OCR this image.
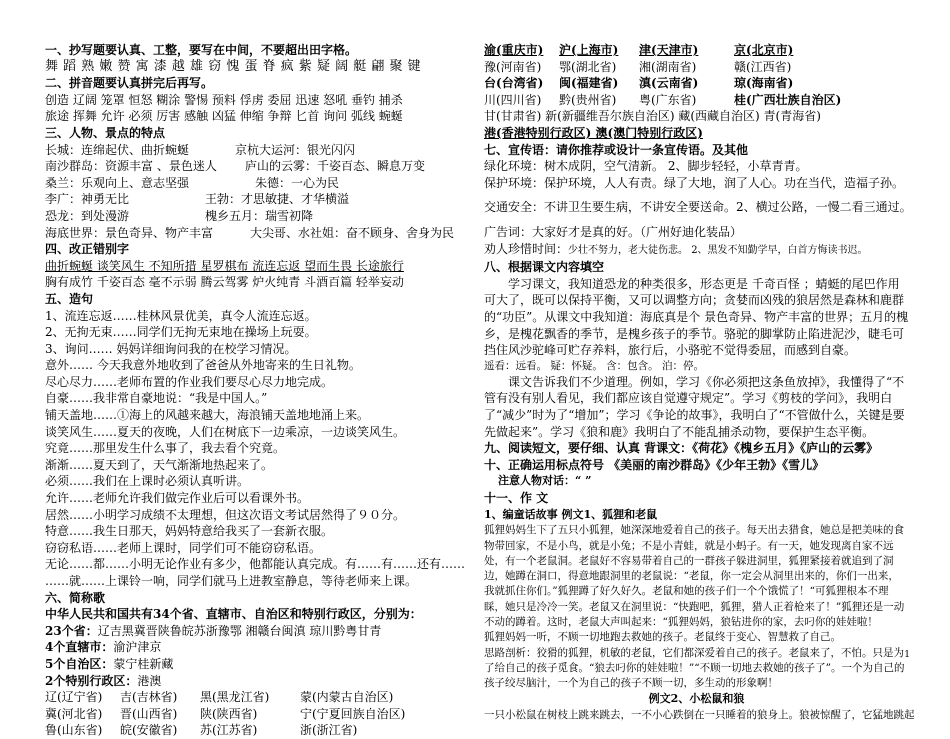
一、抄写题要认真、工整，要写在中间，不要超出田字格。
舞 蹈 熟 嫩 赞 寓 漆 越 雄 窃 愧 蛋 脊 疯 紫 疑 阔 艇 翩 聚 键
二、拼音题要认真拼完后再写。
创造 辽阔 笼罩 恒怒 糊涂 警惕 预料 俘虏 委屈 迅速 怒吼 垂钓 捕杀
旅途 挥舞 允许 必须 厉害 感触 凶猛 伸缩 争辩 匕首 询问 弧线 蜿蜒
三、人物、景点的特点
长城：连绵起伏、曲折蜿蜒	京杭大运河：银光闪闪
南沙群岛：资源丰富 、景色迷人 庐山的云雾：千姿百态、瞬息万变
桑兰：乐观向上、意志坚强	朱德：一心为民
李广：神勇无比	王勃：才思敏捷、才华横溢
恐龙：到处漫游	槐乡五月：瑞雪初降
海底世界：景色奇异、物产丰富	大尖哥、水社姐：奋不顾身、舍身为民
四、改正错别字
曲折蜿蜒 谈笑风生 不知所措 星罗棋布 流连忘返 望而生畏 长途旅行
胸有成竹 千姿百态 毫不示弱 腾云驾雾 炉火纯青 斗酒百篇 轻举妄动
五、造句
1、流连忘返……桂林风景优美，真令人流连忘返。
2、无拘无束……同学们无拘无束地在操场上玩耍。
3、询问…… 妈妈详细询问我的在校学习情况。
意外…… 今天我意外地收到了爸爸从外地寄来的生日礼物。
尽心尽力……老师布置的作业我们要尽心尽力地完成。
自豪……我非常自豪地说：“我是中国人。”
铺天盖地……①海上的风越来越大，海浪铺天盖地地涌上来。
谈笑风生……夏天的夜晚，人们在树底下一边乘凉，一边谈笑风生。
究竟……那里发生什么事了，我去看个究竟。
渐渐……夏天到了，天气渐渐地热起来了。
必须……我们在上课时必须认真听讲。
允许……老师允许我们做完作业后可以看课外书。
居然……小明学习成绩不太理想，但这次语文考试居然得了９０分。
特意……我生日那天，妈妈特意给我买了一套新衣服。
窃窃私语……老师上课时，同学们可不能窃窃私语。
无论……都……小明无论作业有多少，他都能认真完成。有……有……还有……
……就……上课铃一响，同学们就马上进教室静息，等待老师来上课。
六、简称歌
中华人民共和国共有34个省、直辖市、自治区和特别行政区，分别为：
23个省：辽吉黑冀晋陕鲁皖苏浙豫鄂 湘赣台闽滇 琼川黔粤甘青
4个直辖市：渝沪津京
5个自治区：蒙宁桂新藏
2个特别行政区：港澳
辽(辽宁省) 吉(吉林省) 黑(黑龙江省)	蒙(内蒙古自治区)
冀(河北省) 晋(山西省) 陕(陕西省)	宁(宁夏回族自治区)
鲁(山东省) 皖(安徽省) 苏(江苏省)	浙(浙江省)
渝(重庆市) 沪(上海市) 津(天津市)	京(北京市)
豫(河南省) 鄂(湖北省) 湘(湖南省)	赣(江西省)
台(台湾省) 闽(福建省) 滇(云南省)	琼(海南省)
川(四川省) 黔(贵州省) 粤(广东省)	桂(广西壮族自治区)
甘(甘肃省) 新(新疆维吾尔族自治区) 藏(西藏自治区) 青(青海省)
港(香港特别行政区) 澳(澳门特别行政区)
七、宣传语：请你推荐或设计一条宣传语。及其他
绿化环境：树木成阴，空气清新。 2、脚步轻轻，小草青青。
保护环境：保护环境，人人有责。绿了大地，润了人心。功在当代，造福子孙。
交通安全：不讲卫生要生病，不讲安全要送命。2、横过公路，一慢二看三通过。
广告词：大家好才是真的好。（广州好迪化装品）
劝人珍惜时间：少壮不努力，老大徒伤悲。 2、黑发不知勤学早，白首方悔读书迟。
八、根据课文内容填空
学习课文，我知道恐龙的种类很多，形态更是 千奇百怪 ；蜻蜓的尾巴作用可大了，既可以保持平衡，又可以调整方向；贪婪而凶残的狼居然是森林和鹿群的“功臣”。从课文中我知道：海底真是个 景色奇异、物产丰富的世界；五月的槐乡，是槐花飘香的季节，是槐乡孩子的季节。骆驼的脚掌防止陷进泥沙，睫毛可挡住风沙驼峰可贮存养料，旅行后，小骆驼不觉得委屈，而感到自豪。
遥看：远看。 疑：怀疑。 含：包含。 泊：停。
课文告诉我们不少道理。例如，学习《你必须把这条鱼放掉》，我懂得了“不管有没有别人看见，我们都应该自觉遵守规定”。学习《剪枝的学问》，我明白了“减少”时为了“增加”；学习《争论的故事》，我明白了“不管做什么，关键是要先做起来”。学习《狼和鹿》我明白了不能乱捕杀动物，要保护生态平衡。
九、阅读短文，要仔细、认真 背课文：《荷花》《槐乡五月》《庐山的云雾》
十、正确运用标点符号 《美丽的南沙群岛》《少年王勃》《雪儿》
注意人物对话：“ ”
十一、作 文
1、编童话故事 例文1、狐狸和老鼠
狐狸妈妈生下了五只小狐狸，她深深地爱着自己的孩子。每天出去猎食，她总是把美味的食物带回家，不是小鸟，就是小兔；不是小青蛙，就是小蚂子。有一天，她发现离自家不远处，有一个老鼠洞。老鼠好不容易带着自己的一群孩子躲进洞里，狐狸紧接着就追到了洞边，她蹲在洞口，得意地跟洞里的老鼠说：“老鼠，你一定会从洞里出来的，你们一出来，我就抓住你们。”狐狸蹲了好久好久。老鼠和她的孩子们一个个饿慌了！“可狐狸根本不理睬，她只是冷冷一笑。老鼠又在洞里说：“快跑吧，狐狸，猎人正着枪来了！”狐狸还是一动不动的蹲着。这时，老鼠大声叫起来：“狐狸妈妈，狼钻进你的家，去叼你的娃娃啦！
狐狸妈妈一听，不顾一切地跑去救她的孩子。老鼠终于变心、智慧救了自己。
思路剖析：狡猾的狐狸，机敏的老鼠，它们都深爱着自己的孩子。老鼠来了，不怕。只是为了给自己的孩子觅食。“狼去叼你的娃娃啦！”“不顾一切地去救她的孩子了”。一个为自己的孩子绞尽脑汁，一个为自己的孩子不顾一切，多生动的形象啊！
例文2、小松鼠和狼
一只小松鼠在树枝上跳来跳去，一不小心跌倒在一只睡着的狼身上。狼被惊醒了，它猛地跳起
1
